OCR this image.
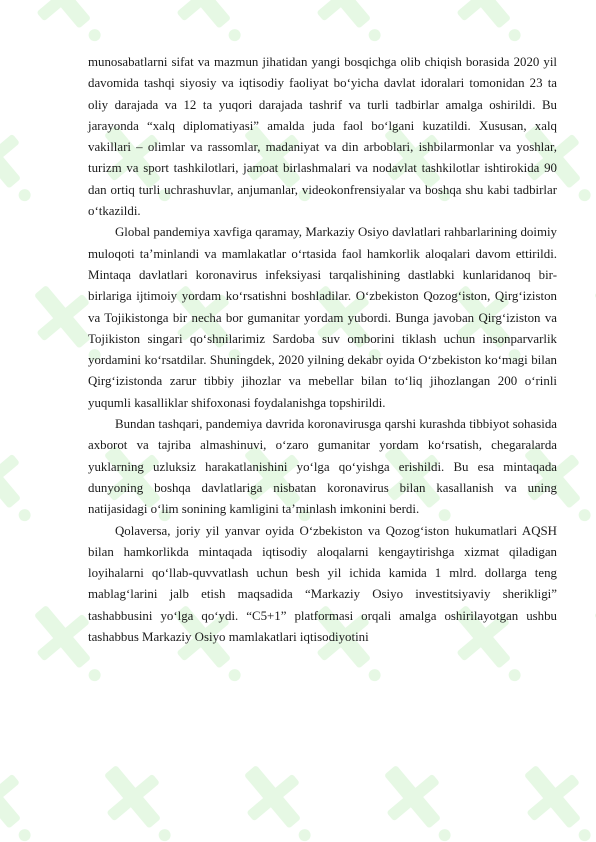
munosabatlarni sifat va mazmun jihatidan yangi bosqichga olib chiqish borasida 2020 yil davomida tashqi siyosiy va iqtisodiy faoliyat bo‘yicha davlat idoralari tomonidan 23 ta oliy darajada va 12 ta yuqori darajada tashrif va turli tadbirlar amalga oshirildi. Bu jarayonda “xalq diplomatiyasi” amalda juda faol bo‘lgani kuzatildi. Xususan, xalq vakillari – olimlar va rassomlar, madaniyat va din arboblari, ishbilarmonlar va yoshlar, turizm va sport tashkilotlari, jamoat birlashmalari va nodavlat tashkilotlar ishtirokida 90 dan ortiq turli uchrashuvlar, anjumanlar, videokonfrensiyalar va boshqa shu kabi tadbirlar o‘tkazildi.

Global pandemiya xavfiga qaramay, Markaziy Osiyo davlatlari rahbarlarining doimiy muloqoti ta’minlandi va mamlakatlar o‘rtasida faol hamkorlik aloqalari davom ettirildi. Mintaqa davlatlari koronavirus infeksiyasi tarqalishining dastlabki kunlaridanoq bir-birlariga ijtimoiy yordam ko‘rsatishni boshladilar. O‘zbekiston Qozog‘iston, Qirg‘iziston va Tojikistonga bir necha bor gumanitar yordam yubordi. Bunga javoban Qirg‘iziston va Tojikiston singari qo‘shnilarimiz Sardoba suv omborini tiklash uchun insonparvarlik yordamini ko‘rsatdilar. Shuningdek, 2020 yilning dekabr oyida O‘zbekiston ko‘magi bilan Qirg‘izistonda zarur tibbiy jihozlar va mebellar bilan to‘liq jihozlangan 200 o‘rinli yuqumli kasalliklar shifoxonasi foydalanishga topshirildi.

Bundan tashqari, pandemiya davrida koronavirusga qarshi kurashda tibbiyot sohasida axborot va tajriba almashinuvi, o‘zaro gumanitar yordam ko‘rsatish, chegaralarda yuklarning uzluksiz harakatlanishini yo‘lga qo‘yishga erishildi. Bu esa mintaqada dunyoning boshqa davlatlariga nisbatan koronavirus bilan kasallanish va uning natijasidagi o‘lim sonining kamligini ta’minlash imkonini berdi.

Qolaversa, joriy yil yanvar oyida O‘zbekiston va Qozog‘iston hukumatlari AQSH bilan hamkorlikda mintaqada iqtisodiy aloqalarni kengaytirishga xizmat qiladigan loyihalarni qo‘llab-quvvatlash uchun besh yil ichida kamida 1 mlrd. dollarga teng mablag‘larini jalb etish maqsadida “Markaziy Osiyo investitsiyaviy sherikligi” tashabbusini yo‘lga qo‘ydi. “C5+1” platformasi orqali amalga oshirilayotgan ushbu tashabbus Markaziy Osiyo mamlakatlari iqtisodiyotini
